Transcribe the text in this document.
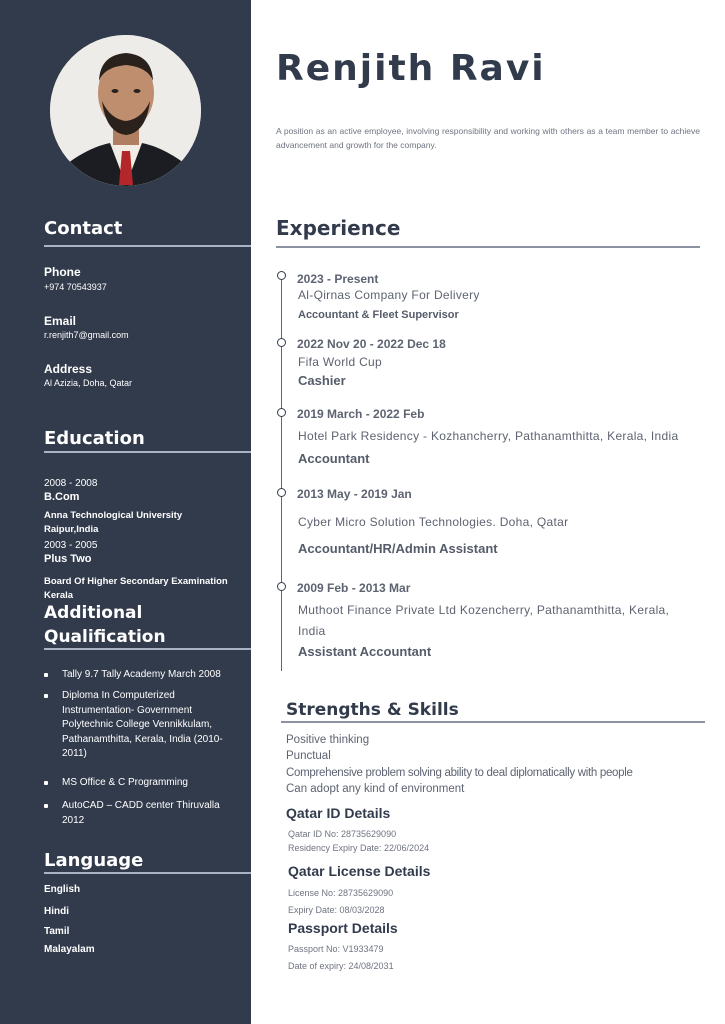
Contact
Phone
+974 70543937
Email
r.renjith7@gmail.com
Address
Al Azizia, Doha, Qatar
Education
2008 - 2008
B.Com
Anna Technological University
Raipur,India
2003 - 2005
Plus Two
Board Of Higher Secondary Examination
Kerala
Additional
Qualification
Tally 9.7 Tally Academy March 2008
Diploma In Computerized Instrumentation- Government Polytechnic College Vennikkulam, Pathanamthitta, Kerala, India (2010-2011)
MS Office & C Programming
AutoCAD – CADD center Thiruvalla 2012
Language
English
Hindi
Tamil
Malayalam
Renjith Ravi
A position as an active employee, involving responsibility and working with others as a team member to achieve advancement and growth for the company.
Experience
2023 - Present
Al-Qirnas Company For Delivery
Accountant & Fleet Supervisor
2022 Nov 20 - 2022 Dec 18
Fifa World Cup
Cashier
2019 March - 2022 Feb
Hotel Park Residency - Kozhancherry, Pathanamthitta, Kerala, India
Accountant
2013 May - 2019 Jan
Cyber Micro Solution Technologies. Doha, Qatar
Accountant/HR/Admin Assistant
2009 Feb - 2013 Mar
Muthoot Finance Private Ltd Kozencherry, Pathanamthitta, Kerala,
India
Assistant Accountant
Strengths & Skills
Positive thinking
Punctual
Comprehensive problem solving ability to deal diplomatically with people
Can adopt any kind of environment
Qatar ID Details
Qatar ID No: 28735629090
Residency Expiry Date: 22/06/2024
Qatar License Details
License No: 28735629090
Expiry Date: 08/03/2028
Passport Details
Passport No: V1933479
Date of expiry: 24/08/2031
